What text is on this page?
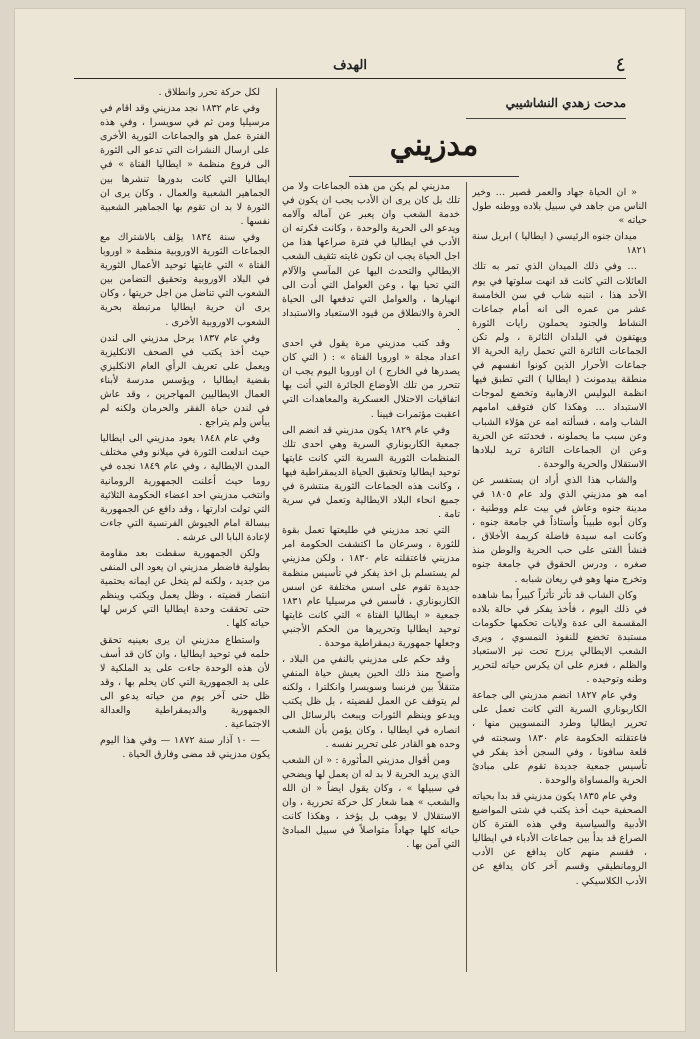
٤
الهدف
مدحت زهدي النشاشيبي
مدزيني

« ان الحياة جهاد والعمر قصير … وخير الناس من جاهد في سبيل بلاده ووطنه طول حياته »

ميدان جنوه الرئيسي ( ايطاليا ) ابريل سنة ١٨٢١

… وفي ذلك الميدان الذي تمر به تلك العائلات التي كانت قد انهت سلوتها في يوم الأحد هذا ، انتبه شاب في سن الخامسة عشر من عمره الى انه أمام جماعات النشاط والجنود يحملون رايات الثورة ويهتفون في البلدان الثائرة ، ولم تكن الجماعات الثائرة التي تحمل راية الحرية الا جماعات الأحرار الذين كونوا انفسهم في منطقة بيدمونت ( ايطاليا ) التي تطبق فيها انظمة البوليس الارهابية وتخضع لموجات الاستبداد … وهكذا كان فتوقف امامهم الشاب وامه ، فسألته امه عن هؤلاء الشباب وعن سبب ما يحملونه ، فحدثته عن الحرية وعن ان الجماعات الثائرة تريد لبلادها الاستقلال والحرية والوحدة .

والشاب هذا الذي أراد ان يستفسر عن امه هو مدزيني الذي ولد عام ١٨٠٥ في مدينة جنوه وعاش في بيت علم ووطنية ، وكان أبوه طبيباً وأستاذاً في جامعة جنوه ، وكانت امه سيدة فاضلة كريمة الأخلاق ، فنشأ الفتى على حب الحرية والوطن منذ صغره ، ودرس الحقوق في جامعة جنوه وتخرج منها وهو في ريعان شبابه .

وكان الشاب قد تأثر تأثراً كبيراً بما شاهده في ذلك اليوم ، فأخذ يفكر في حالة بلاده المقسمة الى عدة ولايات تحكمها حكومات مستبدة تخضع للنفوذ النمسوي ، ويرى الشعب الايطالي يرزح تحت نير الاستعباد والظلم ، فعزم على ان يكرس حياته لتحرير وطنه وتوحيده .

وفي عام ١٨٢٧ انضم مدزيني الى جماعة الكاربوناري السرية التي كانت تعمل على تحرير ايطاليا وطرد النمسويين منها ، فاعتقلته الحكومة عام ١٨٣٠ وسجنته في قلعة سافونا ، وفي السجن أخذ يفكر في تأسيس جمعية جديدة تقوم على مبادئ الحرية والمساواة والوحدة .

وفي عام ١٨٣٥ يكون مدزيني قد بدا بحياته الصحفية حيث أخذ يكتب في شتى المواضيع الأدبية والسياسية وفي هذه الفترة كان الصراع قد بدأ بين جماعات الأدباء في ايطاليا ، فقسم منهم كان يدافع عن الأدب الرومانطيقي وقسم آخر كان يدافع عن الأدب الكلاسيكي .

مدزيني لم يكن من هذه الجماعات ولا من تلك بل كان يرى ان الأدب يجب ان يكون في خدمة الشعب وان يعبر عن آماله وآلامه ويدعو الى الحرية والوحدة ، وكانت فكرته ان الأدب في ايطاليا في فترة صراعها هذا من اجل الحياة يجب ان تكون غايته تثقيف الشعب الايطالي والتحدث اليها عن المآسي والآلام التي تحيا بها ، وعن العوامل التي أدت الى انهيارها ، والعوامل التي تدفعها الى الحياة الحرة والانطلاق من قيود الاستعباد والاستبداد .

وقد كتب مدزيني مرة يقول في احدى اعداد مجلة « اوروبا الفتاة » : ( التي كان يصدرها في الخارج ) ان اوروبا اليوم يجب ان تتحرر من تلك الأوضاع الجائرة التي أتت بها اتفاقيات الاحتلال العسكرية والمعاهدات التي اعقبت مؤتمرات فيينا .

وفي عام ١٨٢٩ يكون مدزيني قد انضم الى جمعية الكاربوناري السرية وهي احدى تلك المنظمات الثورية السرية التي كانت غايتها توحيد ايطاليا وتحقيق الحياة الديمقراطية فيها ، وكانت هذه الجماعات الثورية منتشرة في جميع انحاء البلاد الايطالية وتعمل في سرية تامة .

التي نجد مدزيني في طليعتها تعمل بقوة للثورة ، وسرعان ما اكتشفت الحكومة امر مدزيني فاعتقلته عام ١٨٣٠ ، ولكن مدزيني لم يستسلم بل اخذ يفكر في تأسيس منظمة جديدة تقوم على اسس مختلفة عن اسس الكاربوناري ، فأسس في مرسيليا عام ١٨٣١ جمعية « ايطاليا الفتاة » التي كانت غايتها توحيد ايطاليا وتحريرها من الحكم الأجنبي وجعلها جمهورية ديمقراطية موحدة .

وقد حكم على مدزيني بالنفي من البلاد ، وأصبح منذ ذلك الحين يعيش حياة المنفي متنقلاً بين فرنسا وسويسرا وانكلترا ، ولكنه لم يتوقف عن العمل لقضيته ، بل ظل يكتب ويدعو وينظم الثورات ويبعث بالرسائل الى انصاره في ايطاليا ، وكان يؤمن بأن الشعب وحده هو القادر على تحرير نفسه .

ومن أقوال مدزيني المأثورة : « ان الشعب الذي يريد الحرية لا بد له ان يعمل لها ويضحي في سبيلها » ، وكان يقول ايضاً « ان الله والشعب » هما شعار كل حركة تحررية ، وان الاستقلال لا يوهب بل يؤخذ ، وهكذا كانت حياته كلها جهاداً متواصلاً في سبيل المبادئ التي آمن بها .

لكل حركة تحرر وانطلاق .

وفي عام ١٨٣٢ نجد مدزيني وقد اقام في مرسيليا ومن ثم في سويسرا ، وفي هذه الفترة عمل هو والجماعات الثورية الأخرى على ارسال النشرات التي تدعو الى الثورة الى فروع منظمة « ايطاليا الفتاة » في ايطاليا التي كانت بدورها تنشرها بين الجماهير الشعبية والعمال ، وكان يرى ان الثورة لا بد ان تقوم بها الجماهير الشعبية نفسها .

وفي سنة ١٨٣٤ يؤلف بالاشتراك مع الجماعات الثورية الاوروبية منظمة « اوروبا الفتاة » التي غايتها توحيد الأعمال الثورية في البلاد الاوروبية وتحقيق التضامن بين الشعوب التي تناضل من اجل حريتها ، وكان يرى ان حرية ايطاليا مرتبطة بحرية الشعوب الاوروبية الأخرى .

وفي عام ١٨٣٧ يرحل مدزيني الى لندن حيث أخذ يكتب في الصحف الانكليزية ويعمل على تعريف الرأي العام الانكليزي بقضية ايطاليا ، ويؤسس مدرسة لأبناء العمال الايطاليين المهاجرين ، وقد عاش في لندن حياة الفقر والحرمان ولكنه لم ييأس ولم يتراجع .

وفي عام ١٨٤٨ يعود مدزيني الى ايطاليا حيث اندلعت الثورة في ميلانو وفي مختلف المدن الايطالية ، وفي عام ١٨٤٩ نجده في روما حيث أعلنت الجمهورية الرومانية وانتخب مدزيني احد اعضاء الحكومة الثلاثية التي تولت ادارتها ، وقد دافع عن الجمهورية ببسالة امام الجيوش الفرنسية التي جاءت لإعادة البابا الى عرشه .

ولكن الجمهورية سقطت بعد مقاومة بطولية فاضطر مدزيني ان يعود الى المنفى من جديد ، ولكنه لم يتخل عن ايمانه بحتمية انتصار قضيته ، وظل يعمل ويكتب وينظم حتى تحققت وحدة ايطاليا التي كرس لها حياته كلها .

واستطاع مدزيني ان يرى بعينيه تحقق حلمه في توحيد ايطاليا ، وان كان قد أسف لأن هذه الوحدة جاءت على يد الملكية لا على يد الجمهورية التي كان يحلم بها ، وقد ظل حتى آخر يوم من حياته يدعو الى الجمهورية والديمقراطية والعدالة الاجتماعية .

— ١٠ آذار سنة ١٨٧٢ — وفي هذا اليوم يكون مدزيني قد مضى وفارق الحياة .
